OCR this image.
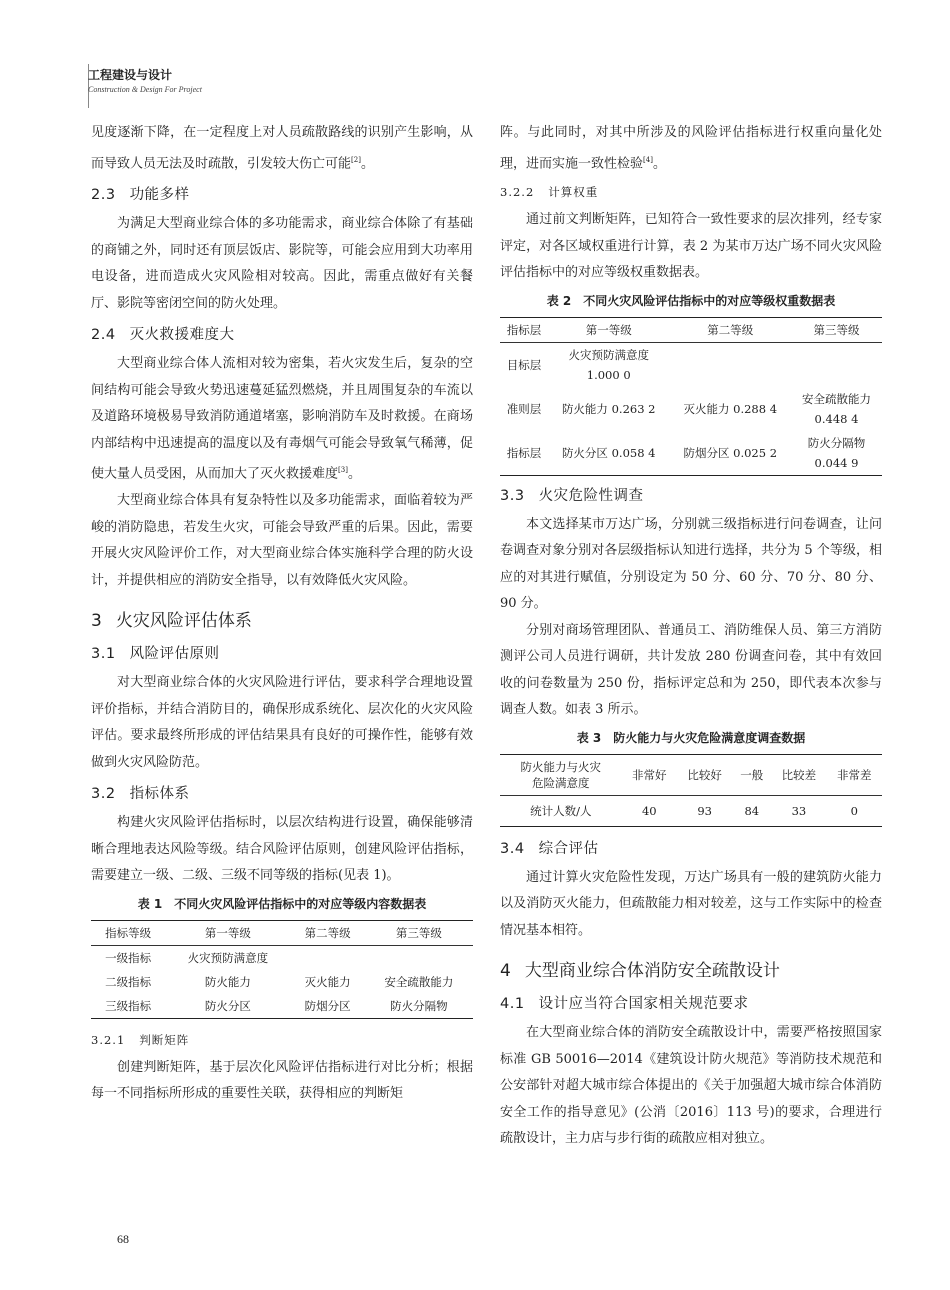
工程建设与设计
Construction & Design For Project

见度逐渐下降，在一定程度上对人员疏散路线的识别产生影响，从而导致人员无法及时疏散，引发较大伤亡可能[2]。

2.3 功能多样

为满足大型商业综合体的多功能需求，商业综合体除了有基础的商铺之外，同时还有顶层饭店、影院等，可能会应用到大功率用电设备，进而造成火灾风险相对较高。因此，需重点做好有关餐厅、影院等密闭空间的防火处理。

2.4 灭火救援难度大

大型商业综合体人流相对较为密集，若火灾发生后，复杂的空间结构可能会导致火势迅速蔓延猛烈燃烧，并且周围复杂的车流以及道路环境极易导致消防通道堵塞，影响消防车及时救援。在商场内部结构中迅速提高的温度以及有毒烟气可能会导致氧气稀薄，促使大量人员受困，从而加大了灭火救援难度[3]。

大型商业综合体具有复杂特性以及多功能需求，面临着较为严峻的消防隐患，若发生火灾，可能会导致严重的后果。因此，需要开展火灾风险评价工作，对大型商业综合体实施科学合理的防火设计，并提供相应的消防安全指导，以有效降低火灾风险。

3 火灾风险评估体系
3.1 风险评估原则

对大型商业综合体的火灾风险进行评估，要求科学合理地设置评价指标，并结合消防目的，确保形成系统化、层次化的火灾风险评估。要求最终所形成的评估结果具有良好的可操作性，能够有效做到火灾风险防范。

3.2 指标体系

构建火灾风险评估指标时，以层次结构进行设置，确保能够清晰合理地表达风险等级。结合风险评估原则，创建风险评估指标，需要建立一级、二级、三级不同等级的指标(见表 1)。

表 1　不同火灾风险评估指标中的对应等级内容数据表
指标等级	第一等级	第二等级	第三等级
一级指标	火灾预防满意度		
二级指标	防火能力	灭火能力	安全疏散能力
三级指标	防火分区	防烟分区	防火分隔物
3.2.1 判断矩阵

创建判断矩阵，基于层次化风险评估指标进行对比分析；根据每一不同指标所形成的重要性关联，获得相应的判断矩

阵。与此同时，对其中所涉及的风险评估指标进行权重向量化处理，进而实施一致性检验[4]。

3.2.2 计算权重

通过前文判断矩阵，已知符合一致性要求的层次排列，经专家评定，对各区域权重进行计算，表 2 为某市万达广场不同火灾风险评估指标中的对应等级权重数据表。

表 2　不同火灾风险评估指标中的对应等级权重数据表
指标层	第一等级	第二等级	第三等级
目标层	火灾预防满意度
1.000 0		

准则层	防火能力 0.263 2	灭火能力 0.288 4	安全疏散能力
0.448 4

指标层	防火分区 0.058 4	防烟分区 0.025 2	防火分隔物
0.044 9
3.3 火灾危险性调查

本文选择某市万达广场，分别就三级指标进行问卷调查，让问卷调查对象分别对各层级指标认知进行选择，共分为 5 个等级，相应的对其进行赋值，分别设定为 50 分、60 分、70 分、80 分、90 分。

分别对商场管理团队、普通员工、消防维保人员、第三方消防测评公司人员进行调研，共计发放 280 份调查问卷，其中有效回收的问卷数量为 250 份，指标评定总和为 250，即代表本次参与调查人数。如表 3 所示。

表 3　防火能力与火灾危险满意度调查数据
防火能力与火灾
危险满意度	非常好	比较好	一般	比较差	非常差
统计人数/人	40	93	84	33	0
3.4 综合评估

通过计算火灾危险性发现，万达广场具有一般的建筑防火能力以及消防灭火能力，但疏散能力相对较差，这与工作实际中的检查情况基本相符。

4 大型商业综合体消防安全疏散设计
4.1 设计应当符合国家相关规范要求

在大型商业综合体的消防安全疏散设计中，需要严格按照国家标准 GB 50016—2014《建筑设计防火规范》等消防技术规范和公安部针对超大城市综合体提出的《关于加强超大城市综合体消防安全工作的指导意见》(公消〔2016〕113 号)的要求，合理进行疏散设计，主力店与步行街的疏散应相对独立。

68
